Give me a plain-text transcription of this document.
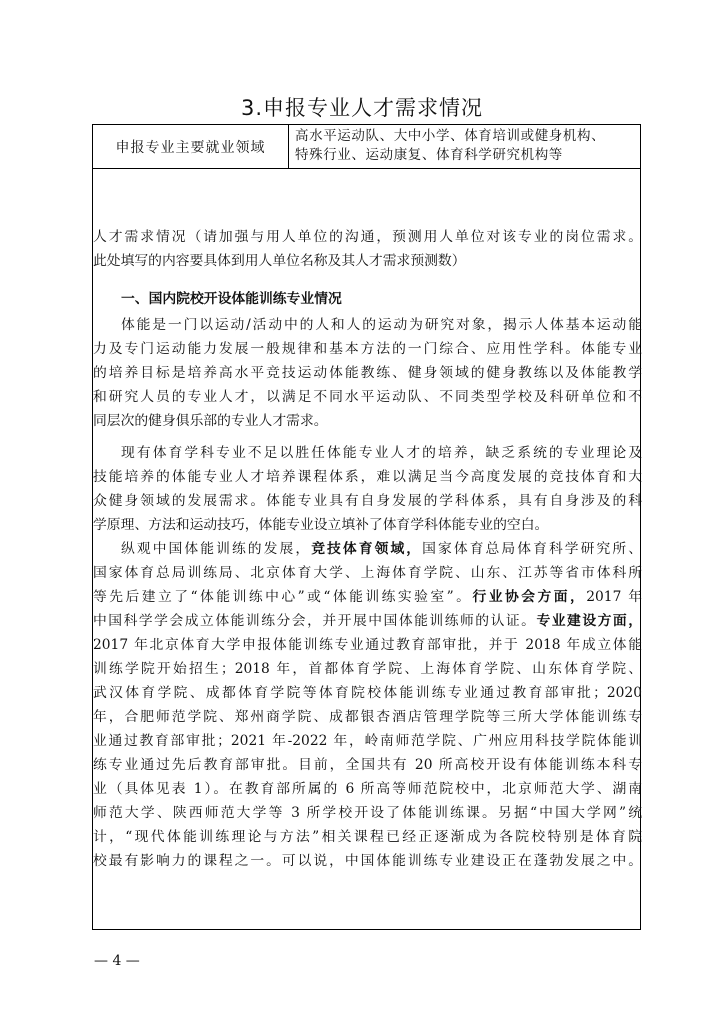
3.申报专业人才需求情况
申报专业主要就业领域
高水平运动队、大中小学、体育培训或健身机构、
特殊行业、运动康复、体育科学研究机构等

人才需求情况（请加强与用人单位的沟通，预测用人单位对该专业的岗位需求。

此处填写的内容要具体到用人单位名称及其人才需求预测数）

一、国内院校开设体能训练专业情况

体能是一门以运动/活动中的人和人的运动为研究对象，揭示人体基本运动能

力及专门运动能力发展一般规律和基本方法的一门综合、应用性学科。体能专业

的培养目标是培养高水平竞技运动体能教练、健身领域的健身教练以及体能教学

和研究人员的专业人才，以满足不同水平运动队、不同类型学校及科研单位和不

同层次的健身俱乐部的专业人才需求。

现有体育学科专业不足以胜任体能专业人才的培养，缺乏系统的专业理论及

技能培养的体能专业人才培养课程体系，难以满足当今高度发展的竞技体育和大

众健身领域的发展需求。体能专业具有自身发展的学科体系，具有自身涉及的科

学原理、方法和运动技巧，体能专业设立填补了体育学科体能专业的空白。

纵观中国体能训练的发展，竞技体育领域，国家体育总局体育科学研究所、

国家体育总局训练局、北京体育大学、上海体育学院、山东、江苏等省市体科所

等先后建立了“体能训练中心”或“体能训练实验室”。行业协会方面，2017 年

中国科学学会成立体能训练分会，并开展中国体能训练师的认证。专业建设方面，

2017 年北京体育大学申报体能训练专业通过教育部审批，并于 2018 年成立体能

训练学院开始招生；2018 年，首都体育学院、上海体育学院、山东体育学院、

武汉体育学院、成都体育学院等体育院校体能训练专业通过教育部审批；2020

年，合肥师范学院、郑州商学院、成都银杏酒店管理学院等三所大学体能训练专

业通过教育部审批；2021 年-2022 年，岭南师范学院、广州应用科技学院体能训

练专业通过先后教育部审批。目前，全国共有 20 所高校开设有体能训练本科专

业（具体见表 1）。在教育部所属的 6 所高等师范院校中，北京师范大学、湖南

师范大学、陕西师范大学等 3 所学校开设了体能训练课。另据“中国大学网”统

计，“现代体能训练理论与方法”相关课程已经正逐渐成为各院校特别是体育院

校最有影响力的课程之一。可以说，中国体能训练专业建设正在蓬勃发展之中。

— 4 —
